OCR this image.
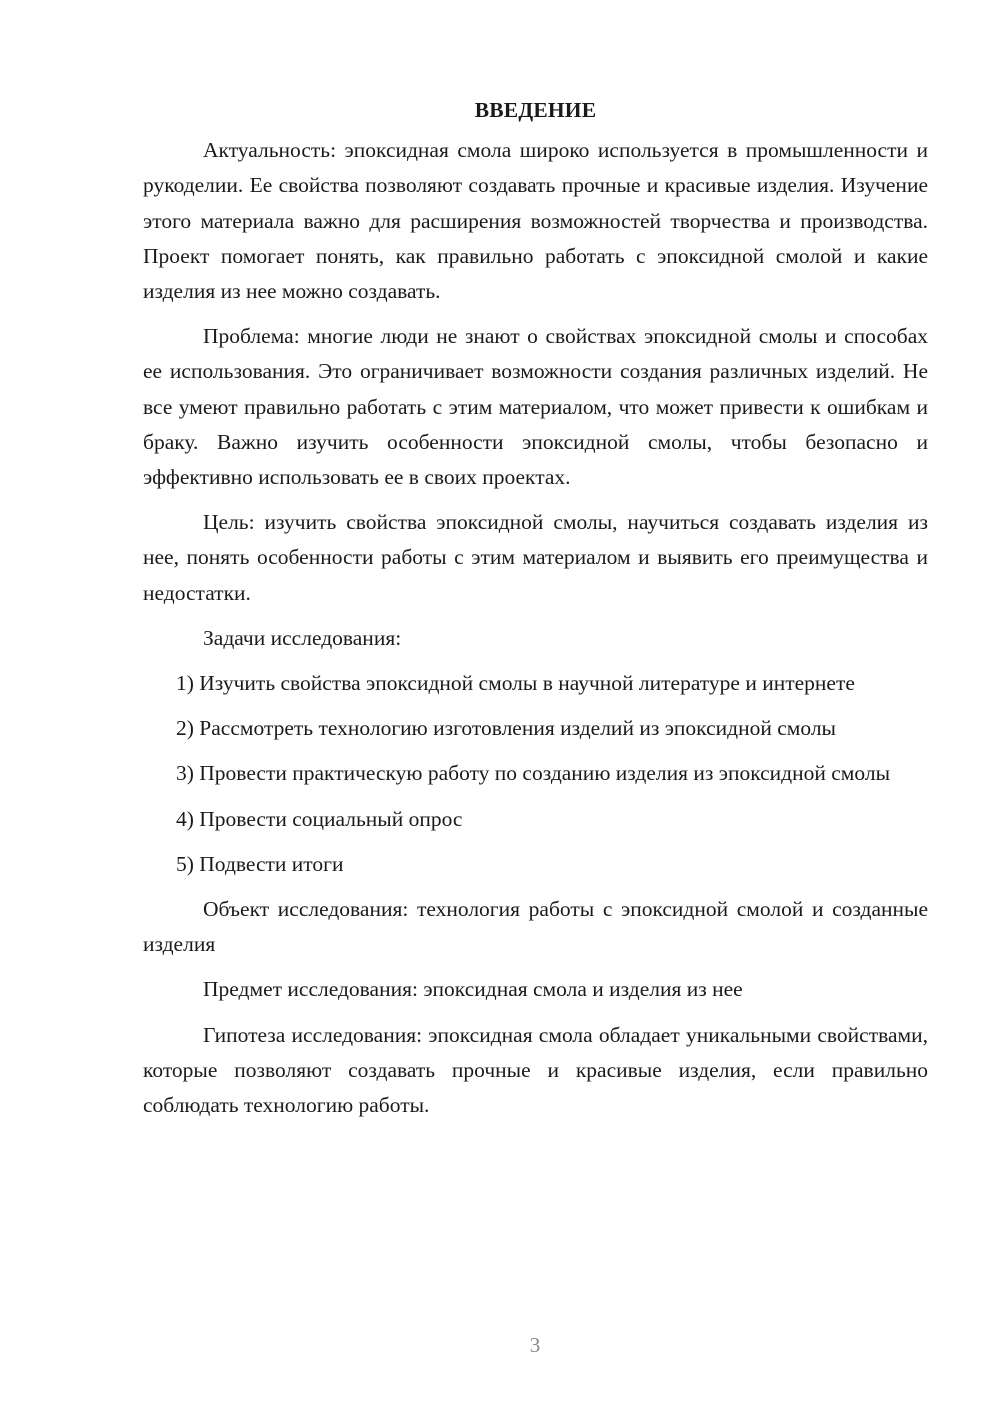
ВВЕДЕНИЕ

Актуальность: эпоксидная смола широко используется в промышленности и рукоделии. Ее свойства позволяют создавать прочные и красивые изделия. Изучение этого материала важно для расширения возможностей творчества и производства. Проект помогает понять, как правильно работать с эпоксидной смолой и какие изделия из нее можно создавать.

Проблема: многие люди не знают о свойствах эпоксидной смолы и способах ее использования. Это ограничивает возможности создания различных изделий. Не все умеют правильно работать с этим материалом, что может привести к ошибкам и браку. Важно изучить особенности эпоксидной смолы, чтобы безопасно и эффективно использовать ее в своих проектах.

Цель: изучить свойства эпоксидной смолы, научиться создавать изделия из нее, понять особенности работы с этим материалом и выявить его преимущества и недостатки.

Задачи исследования:

1) Изучить свойства эпоксидной смолы в научной литературе и интернете

2) Рассмотреть технологию изготовления изделий из эпоксидной смолы

3) Провести практическую работу по созданию изделия из эпоксидной смолы

4) Провести социальный опрос

5) Подвести итоги

Объект исследования: технология работы с эпоксидной смолой и созданные изделия

Предмет исследования: эпоксидная смола и изделия из нее

Гипотеза исследования: эпоксидная смола обладает уникальными свойствами, которые позволяют создавать прочные и красивые изделия, если правильно соблюдать технологию работы.

3
